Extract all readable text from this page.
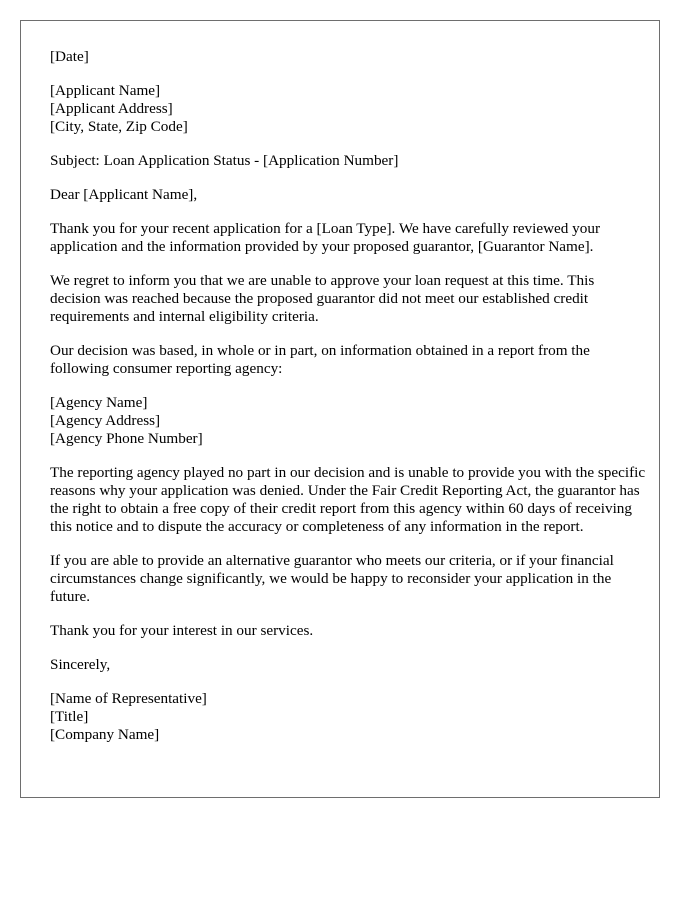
[Date]
[Applicant Name]
[Applicant Address]
[City, State, Zip Code]
Subject: Loan Application Status - [Application Number]
Dear [Applicant Name],

Thank you for your recent application for a [Loan Type]. We have carefully reviewed your application and the information provided by your proposed guarantor, [Guarantor Name].

We regret to inform you that we are unable to approve your loan request at this time. This decision was reached because the proposed guarantor did not meet our established credit requirements and internal eligibility criteria.

Our decision was based, in whole or in part, on information obtained in a report from the following consumer reporting agency:

[Agency Name]
[Agency Address]
[Agency Phone Number]

The reporting agency played no part in our decision and is unable to provide you with the specific reasons why your application was denied. Under the Fair Credit Reporting Act, the guarantor has the right to obtain a free copy of their credit report from this agency within 60 days of receiving this notice and to dispute the accuracy or completeness of any information in the report.

If you are able to provide an alternative guarantor who meets our criteria, or if your financial circumstances change significantly, we would be happy to reconsider your application in the future.

Thank you for your interest in our services.

Sincerely,
[Name of Representative]
[Title]
[Company Name]
